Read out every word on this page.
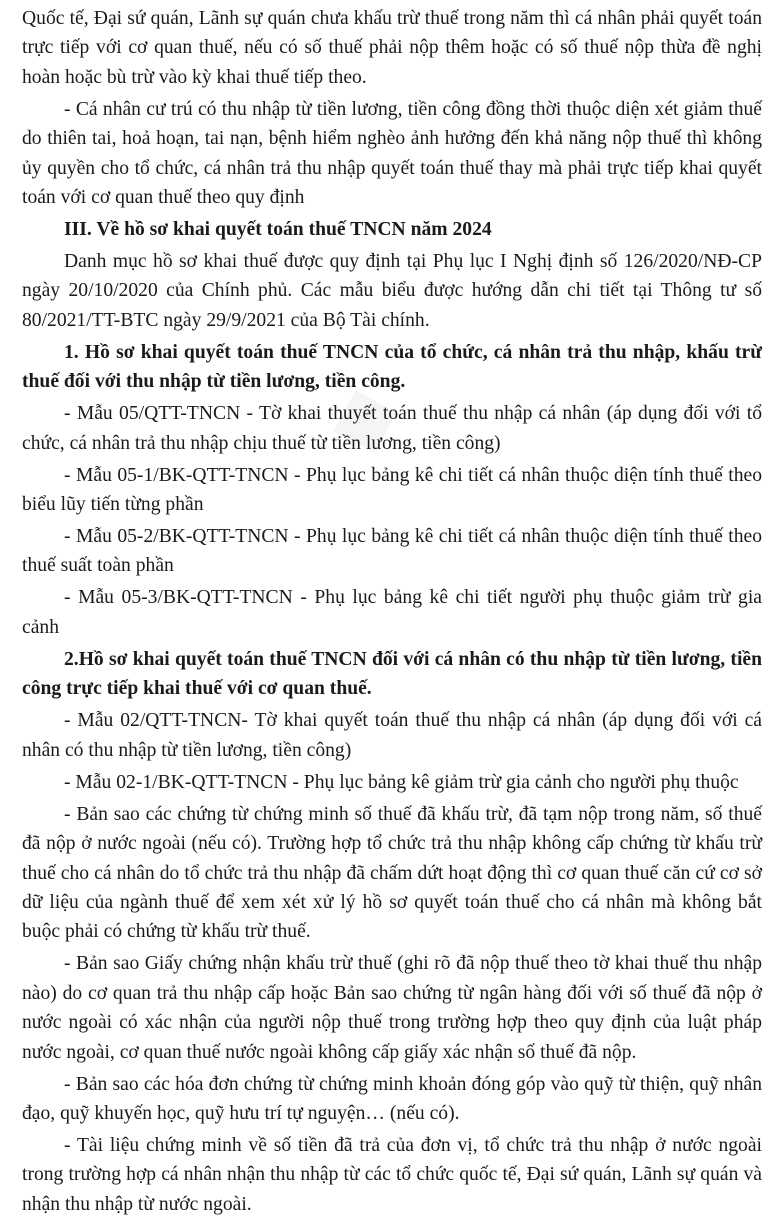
■

Quốc tế, Đại sứ quán, Lãnh sự quán chưa khấu trừ thuế trong năm thì cá nhân phải quyết toán trực tiếp với cơ quan thuế, nếu có số thuế phải nộp thêm hoặc có số thuế nộp thừa đề nghị hoàn hoặc bù trừ vào kỳ khai thuế tiếp theo.

- Cá nhân cư trú có thu nhập từ tiền lương, tiền công đồng thời thuộc diện xét giảm thuế do thiên tai, hoả hoạn, tai nạn, bệnh hiểm nghèo ảnh hưởng đến khả năng nộp thuế thì không ủy quyền cho tổ chức, cá nhân trả thu nhập quyết toán thuế thay mà phải trực tiếp khai quyết toán với cơ quan thuế theo quy định

III. Về hồ sơ khai quyết toán thuế TNCN năm 2024

Danh mục hồ sơ khai thuế được quy định tại Phụ lục I Nghị định số 126/2020/NĐ-CP ngày 20/10/2020 của Chính phủ. Các mẫu biểu được hướng dẫn chi tiết tại Thông tư số 80/2021/TT-BTC ngày 29/9/2021 của Bộ Tài chính.

1. Hồ sơ khai quyết toán thuế TNCN của tổ chức, cá nhân trả thu nhập, khấu trừ thuế đối với thu nhập từ tiền lương, tiền công.

- Mẫu 05/QTT-TNCN - Tờ khai thuyết toán thuế thu nhập cá nhân (áp dụng đối với tổ chức, cá nhân trả thu nhập chịu thuế từ tiền lương, tiền công)

- Mẫu 05-1/BK-QTT-TNCN - Phụ lục bảng kê chi tiết cá nhân thuộc diện tính thuế theo biểu lũy tiến từng phần

- Mẫu 05-2/BK-QTT-TNCN - Phụ lục bảng kê chi tiết cá nhân thuộc diện tính thuế theo thuế suất toàn phần

- Mẫu 05-3/BK-QTT-TNCN - Phụ lục bảng kê chi tiết người phụ thuộc giảm trừ gia cảnh

2.Hồ sơ khai quyết toán thuế TNCN đối với cá nhân có thu nhập từ tiền lương, tiền công trực tiếp khai thuế với cơ quan thuế.

- Mẫu 02/QTT-TNCN- Tờ khai quyết toán thuế thu nhập cá nhân (áp dụng đối với cá nhân có thu nhập từ tiền lương, tiền công)

- Mẫu 02-1/BK-QTT-TNCN - Phụ lục bảng kê giảm trừ gia cảnh cho người phụ thuộc

- Bản sao các chứng từ chứng minh số thuế đã khấu trừ, đã tạm nộp trong năm, số thuế đã nộp ở nước ngoài (nếu có). Trường hợp tổ chức trả thu nhập không cấp chứng từ khấu trừ thuế cho cá nhân do tổ chức trả thu nhập đã chấm dứt hoạt động thì cơ quan thuế căn cứ cơ sở dữ liệu của ngành thuế để xem xét xử lý hồ sơ quyết toán thuế cho cá nhân mà không bắt buộc phải có chứng từ khấu trừ thuế.

- Bản sao Giấy chứng nhận khấu trừ thuế (ghi rõ đã nộp thuế theo tờ khai thuế thu nhập nào) do cơ quan trả thu nhập cấp hoặc Bản sao chứng từ ngân hàng đối với số thuế đã nộp ở nước ngoài có xác nhận của người nộp thuế trong trường hợp theo quy định của luật pháp nước ngoài, cơ quan thuế nước ngoài không cấp giấy xác nhận số thuế đã nộp.

- Bản sao các hóa đơn chứng từ chứng minh khoản đóng góp vào quỹ từ thiện, quỹ nhân đạo, quỹ khuyến học, quỹ hưu trí tự nguyện… (nếu có).

- Tài liệu chứng minh về số tiền đã trả của đơn vị, tổ chức trả thu nhập ở nước ngoài trong trường hợp cá nhân nhận thu nhập từ các tổ chức quốc tế, Đại sứ quán, Lãnh sự quán và nhận thu nhập từ nước ngoài.
